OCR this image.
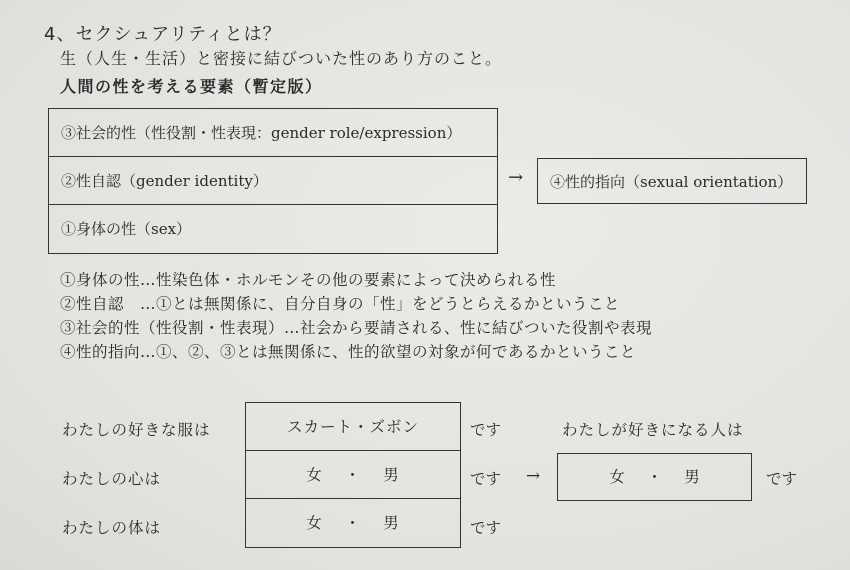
4、セクシュアリティとは？
生（人生・生活）と密接に結びついた性のあり方のこと。
人間の性を考える要素（暫定版）
③社会的性（性役割・性表現：gender role/expression）
②性自認（gender identity）
①身体の性（sex）
→	④性的指向（sexual orientation）
①身体の性…性染色体・ホルモンその他の要素によって決められる性
②性自認　…①とは無関係に、自分自身の「性」をどうとらえるかということ
③社会的性（性役割・性表現）…社会から要請される、性に結びついた役割や表現
④性的指向…①、②、③とは無関係に、性的欲望の対象が何であるかということ
わたしの好きな服は
わたしの心は
わたしの体は
スカート・ズボン
女 ・ 男
女 ・ 男
です
です
です
→
わたしが好きになる人は
女 ・ 男	です
